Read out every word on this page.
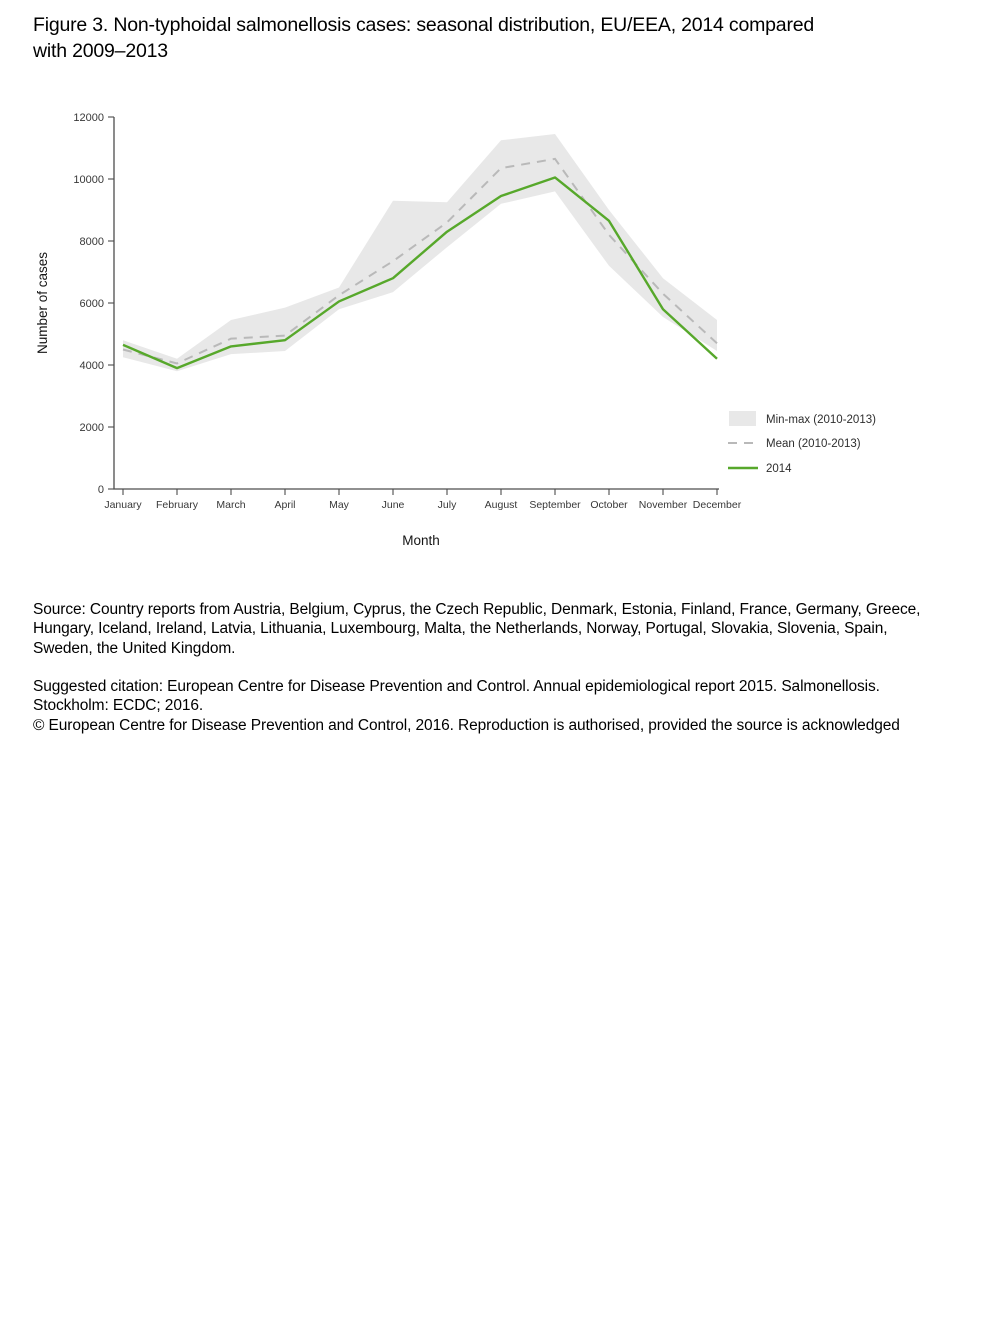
Figure 3. Non-typhoidal salmonellosis cases: seasonal distribution, EU/EEA, 2014 compared
with 2009–2013
0
2000
4000
6000
8000
10000
12000
January February March	April	May	June	July	August September October November December
Number of cases
Month
Min-max (2010-2013)
Mean (2010-2013)
2014
Source: Country reports from Austria, Belgium, Cyprus, the Czech Republic, Denmark, Estonia, Finland, France, Germany, Greece,
Hungary, Iceland, Ireland, Latvia, Lithuania, Luxembourg, Malta, the Netherlands, Norway, Portugal, Slovakia, Slovenia, Spain,
Sweden, the United Kingdom.
Suggested citation: European Centre for Disease Prevention and Control. Annual epidemiological report 2015. Salmonellosis.
Stockholm: ECDC; 2016.
© European Centre for Disease Prevention and Control, 2016. Reproduction is authorised, provided the source is acknowledged
